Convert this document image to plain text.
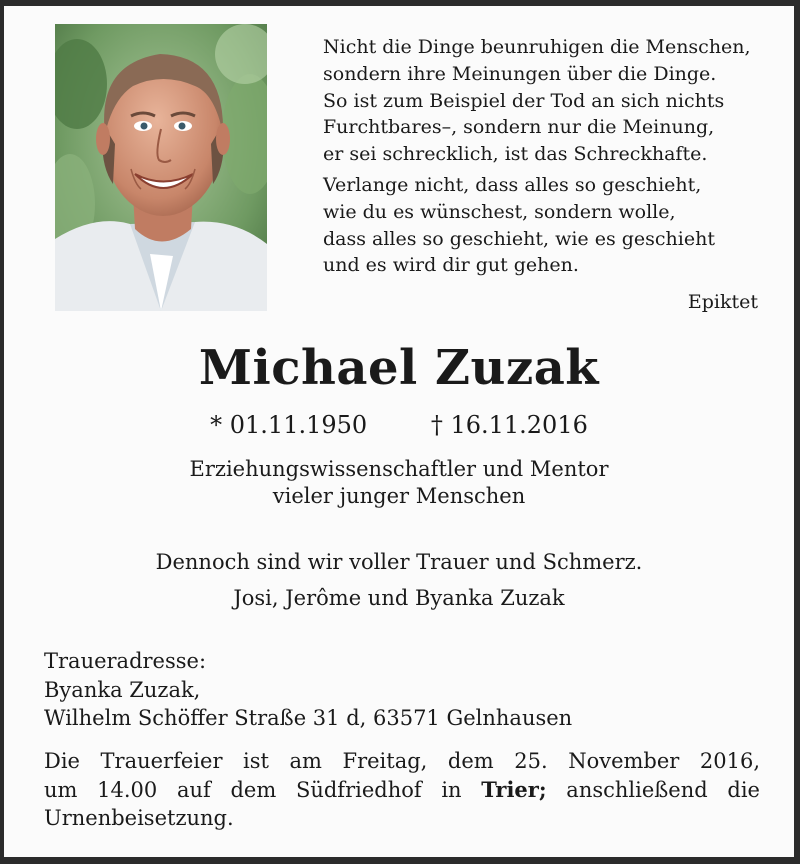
Nicht die Dinge beunruhigen die Menschen,
sondern ihre Meinungen über die Dinge.
So ist zum Beispiel der Tod an sich nichts
Furchtbares–, sondern nur die Meinung,
er sei schrecklich, ist das Schreckhafte.

Verlange nicht, dass alles so geschieht,
wie du es wünschest, sondern wolle,
dass alles so geschieht, wie es geschieht
und es wird dir gut gehen.

Epiktet
Michael Zuzak
* 01.11.1950	† 16.11.2016
Erziehungswissenschaftler und Mentor
vieler junger Menschen
Dennoch sind wir voller Trauer und Schmerz.
Josi, Jerôme und Byanka Zuzak
Traueradresse:
Byanka Zuzak,
Wilhelm Schöffer Straße 31 d, 63571 Gelnhausen
Die Trauerfeier ist am Freitag, dem 25. November 2016,
um 14.00 auf dem Südfriedhof in Trier; anschließend die
Urnenbeisetzung.
